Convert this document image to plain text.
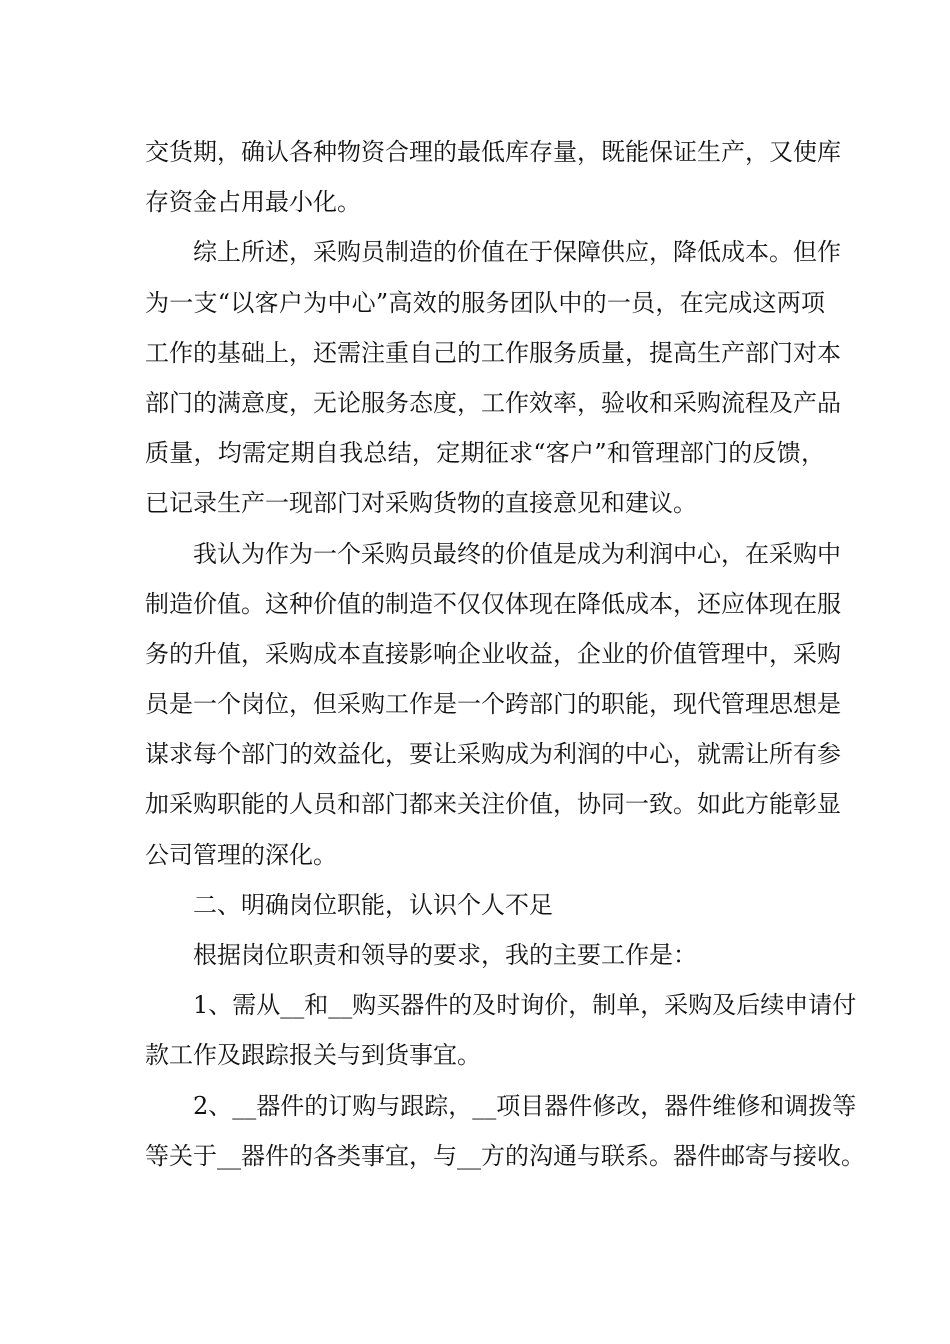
交货期，确认各种物资合理的最低库存量，既能保证生产，又使库
存资金占用最小化。
综上所述，采购员制造的价值在于保障供应，降低成本。但作
为一支“以客户为中心”高效的服务团队中的一员，在完成这两项
工作的基础上，还需注重自己的工作服务质量，提高生产部门对本
部门的满意度，无论服务态度，工作效率，验收和采购流程及产品
质量，均需定期自我总结，定期征求“客户”和管理部门的反馈，
已记录生产一现部门对采购货物的直接意见和建议。
我认为作为一个采购员最终的价值是成为利润中心，在采购中
制造价值。这种价值的制造不仅仅体现在降低成本，还应体现在服
务的升值，采购成本直接影响企业收益，企业的价值管理中，采购
员是一个岗位，但采购工作是一个跨部门的职能，现代管理思想是
谋求每个部门的效益化，要让采购成为利润的中心，就需让所有参
加采购职能的人员和部门都来关注价值，协同一致。如此方能彰显
公司管理的深化。
二、明确岗位职能，认识个人不足
根据岗位职责和领导的要求，我的主要工作是：
1、需从__和__购买器件的及时询价，制单，采购及后续申请付
款工作及跟踪报关与到货事宜。
2、__器件的订购与跟踪，__项目器件修改，器件维修和调拨等
等关于__器件的各类事宜，与__方的沟通与联系。器件邮寄与接收。
